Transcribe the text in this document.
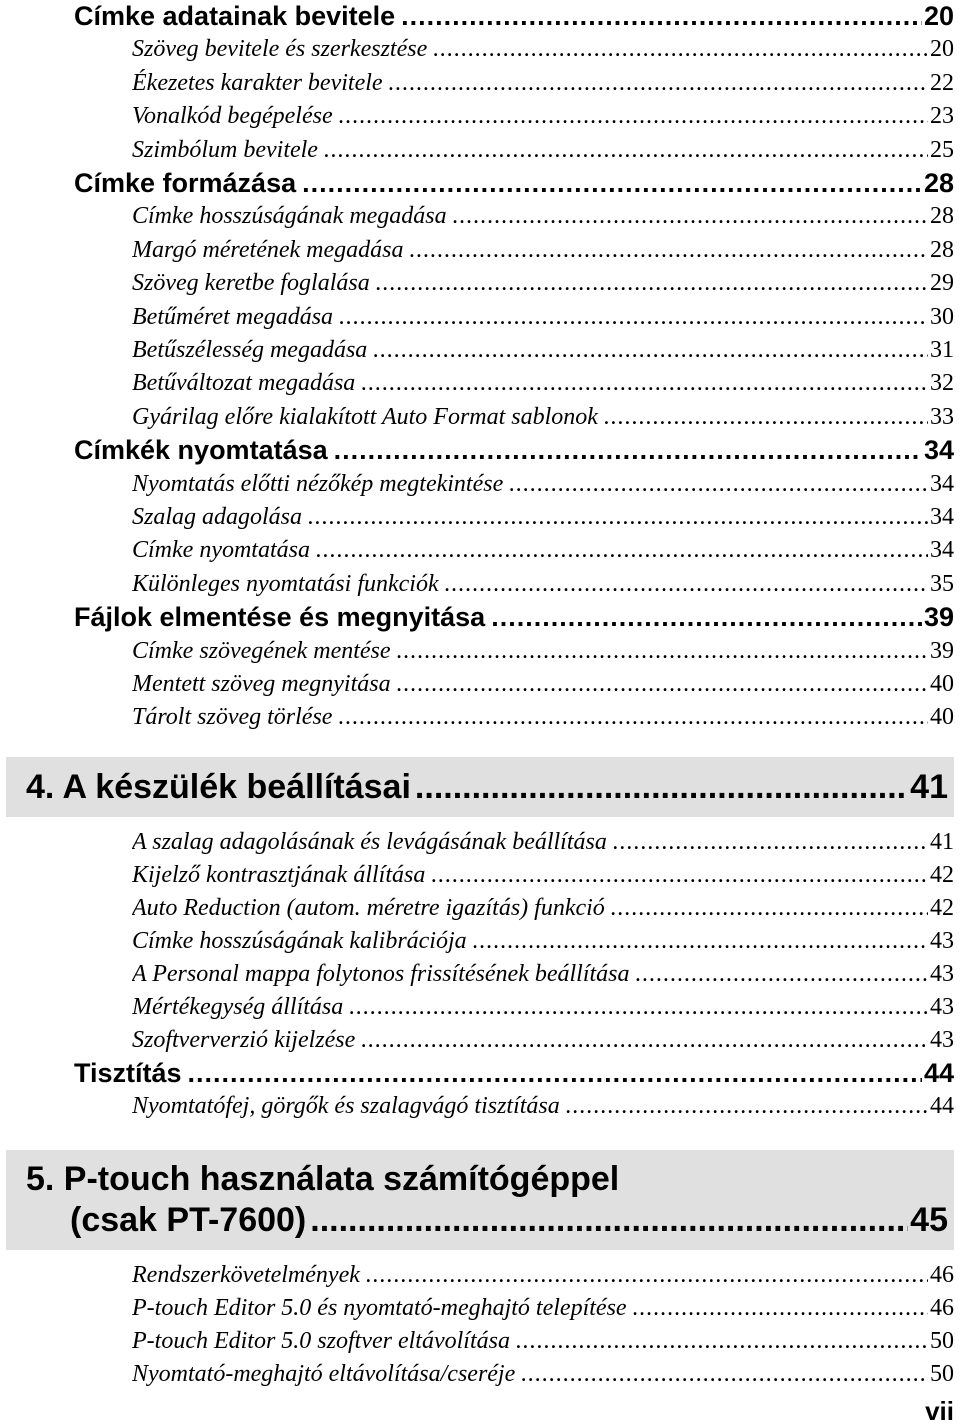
Címke adatainak bevitele .....	20
Szöveg bevitele és szerkesztése .....	20
Ékezetes karakter bevitele .....	22
Vonalkód begépelése .....	23
Szimbólum bevitele .....	25
Címke formázása .....	28
Címke hosszúságának megadása .....	28
Margó méretének megadása .....	28
Szöveg keretbe foglalása .....	29
Betűméret megadása .....	30
Betűszélesség megadása .....	31
Betűváltozat megadása .....	32
Gyárilag előre kialakított Auto Format sablonok .....	33
Címkék nyomtatása .....	34
Nyomtatás előtti nézőkép megtekintése .....	34
Szalag adagolása .....	34
Címke nyomtatása .....	34
Különleges nyomtatási funkciók .....	35
Fájlok elmentése és megnyitása .....	39
Címke szövegének mentése .....	39
Mentett szöveg megnyitása .....	40
Tárolt szöveg törlése .....	40
4. A készülék beállításai .....	41
A szalag adagolásának és levágásának beállítása .....	41
Kijelző kontrasztjának állítása .....	42
Auto Reduction (autom. méretre igazítás) funkció .....	42
Címke hosszúságának kalibrációja .....	43
A Personal mappa folytonos frissítésének beállítása .....	43
Mértékegység állítása .....	43
Szoftververzió kijelzése .....	43
Tisztítás .....	44
Nyomtatófej, görgők és szalagvágó tisztítása .....	44
5. P-touch használata számítógéppel
(csak PT-7600) .....	45
Rendszerkövetelmények .....	46
P-touch Editor 5.0 és nyomtató-meghajtó telepítése .....	46
P-touch Editor 5.0 szoftver eltávolítása .....	50
Nyomtató-meghajtó eltávolítása/cseréje .....	50
vii
